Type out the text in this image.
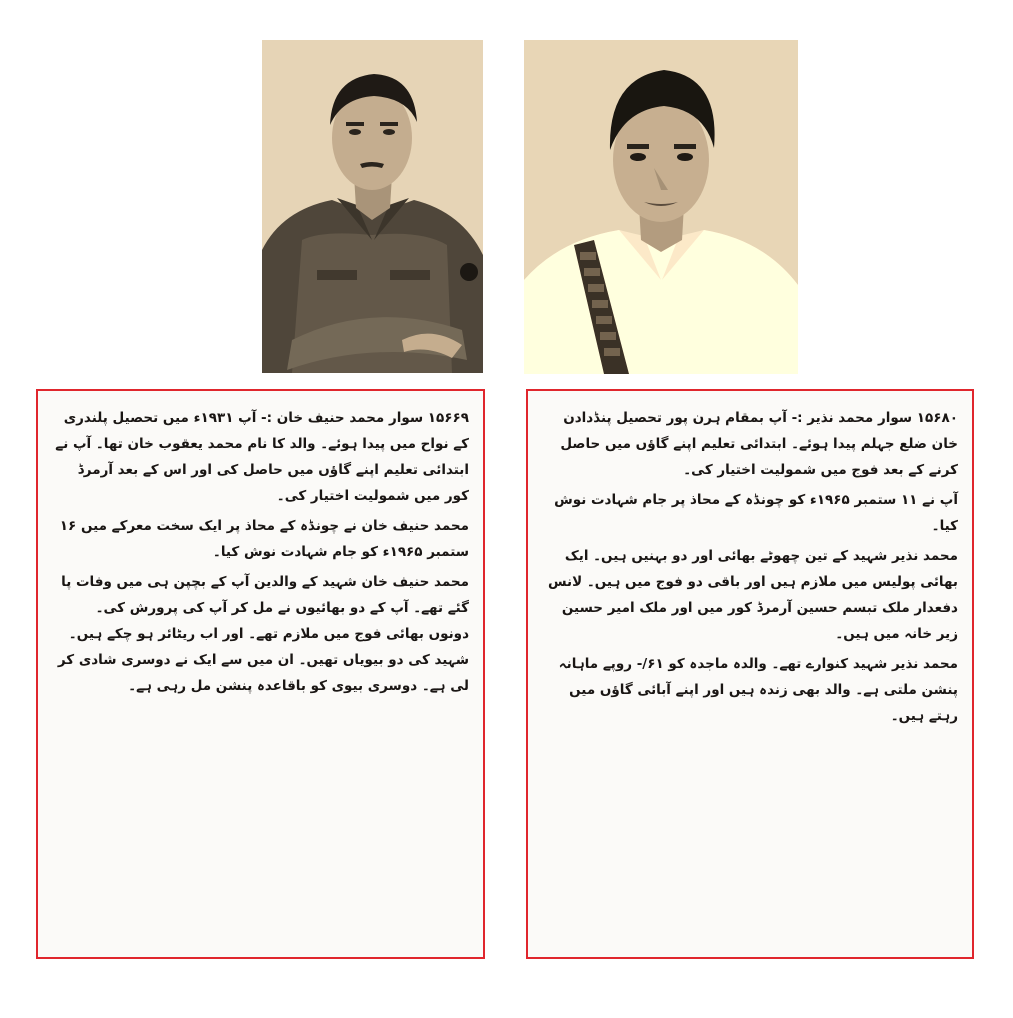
۱۵۶۶۹ سوار محمد حنیف خان :- آپ ۱۹۳۱ء میں تحصیل پلندری کے نواح میں پیدا ہوئے۔ والد کا نام محمد یعقوب خان تھا۔ آپ نے ابتدائی تعلیم اپنے گاؤں میں حاصل کی اور اس کے بعد آرمرڈ کور میں شمولیت اختیار کی۔

محمد حنیف خان نے چونڈہ کے محاذ پر ایک سخت معرکے میں ۱۶ ستمبر ۱۹۶۵ء کو جام شہادت نوش کیا۔

محمد حنیف خان شہید کے والدین آپ کے بچپن ہی میں وفات پا گئے تھے۔ آپ کے دو بھائیوں نے مل کر آپ کی پرورش کی۔ دونوں بھائی فوج میں ملازم تھے۔ اور اب ریٹائر ہو چکے ہیں۔ شہید کی دو بیویاں تھیں۔ ان میں سے ایک نے دوسری شادی کر لی ہے۔ دوسری بیوی کو باقاعدہ پنشن مل رہی ہے۔

۱۵۶۸۰ سوار محمد نذیر :- آپ بمقام ہرن پور تحصیل پنڈدادن خان ضلع جہلم پیدا ہوئے۔ ابتدائی تعلیم اپنے گاؤں میں حاصل کرنے کے بعد فوج میں شمولیت اختیار کی۔

آپ نے ۱۱ ستمبر ۱۹۶۵ء کو چونڈہ کے محاذ پر جام شہادت نوش کیا۔

محمد نذیر شہید کے تین چھوٹے بھائی اور دو بہنیں ہیں۔ ایک بھائی پولیس میں ملازم ہیں اور باقی دو فوج میں ہیں۔ لانس دفعدار ملک تبسم حسین آرمرڈ کور میں اور ملک امیر حسین زیر خانہ میں ہیں۔

محمد نذیر شہید کنوارے تھے۔ والدہ ماجدہ کو ۶۱/- روپے ماہانہ پنشن ملتی ہے۔ والد بھی زندہ ہیں اور اپنے آبائی گاؤں میں رہتے ہیں۔
